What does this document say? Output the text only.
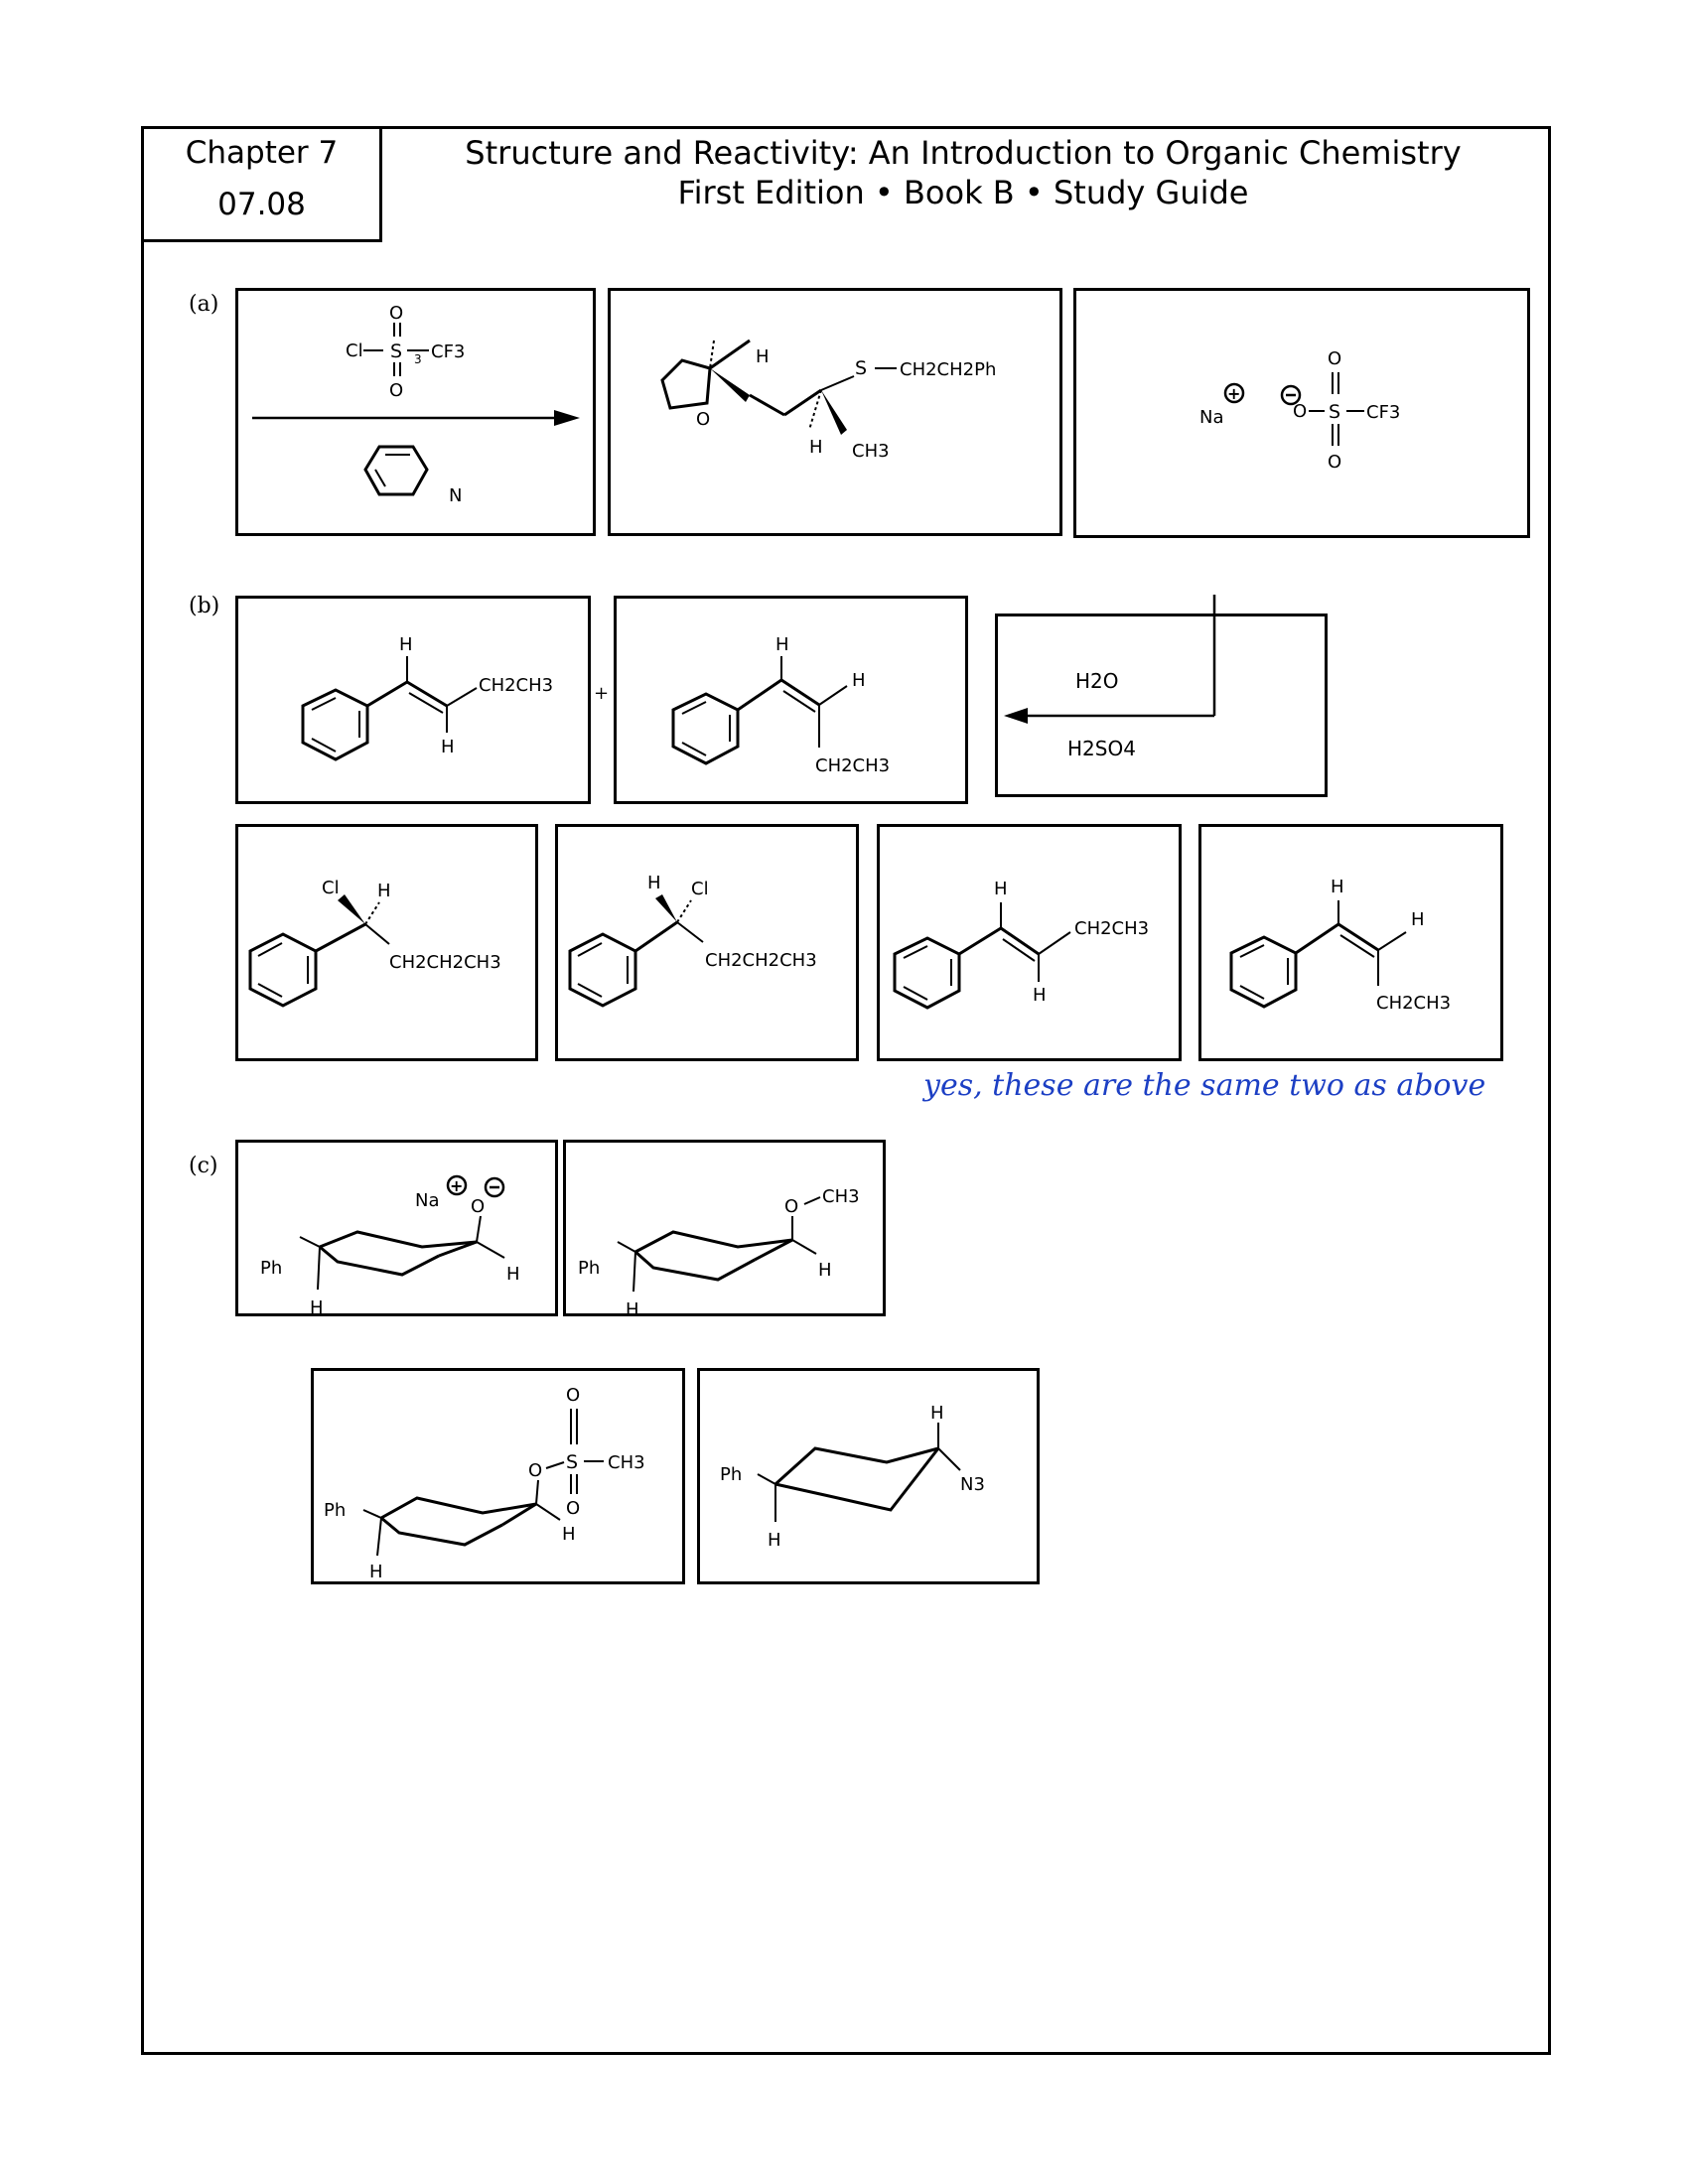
Chapter 7
07.08
Structure and Reactivity: An Introduction to Organic Chemistry
First Edition • Book B • Study Guide
(a)
(b)
(c)
Cl S CF3
3
O
O
N
O
H
S CH2CH2Ph
H CH3
+
Na	O S CF3
O
O
H
H
CH2CH3 +
H
H
CH2CH3
H2O
H2SO4
CH2CH2CH3
Cl H
CH2CH2CH3
H Cl	H
H
CH2CH3
H
H
CH2CH3
yes, these are the same two as above
Ph
H
O
H
Na
+
Ph
H
O CH3
H
Ph
H
O S CH3
O
O
H
Ph
H
H
N3
